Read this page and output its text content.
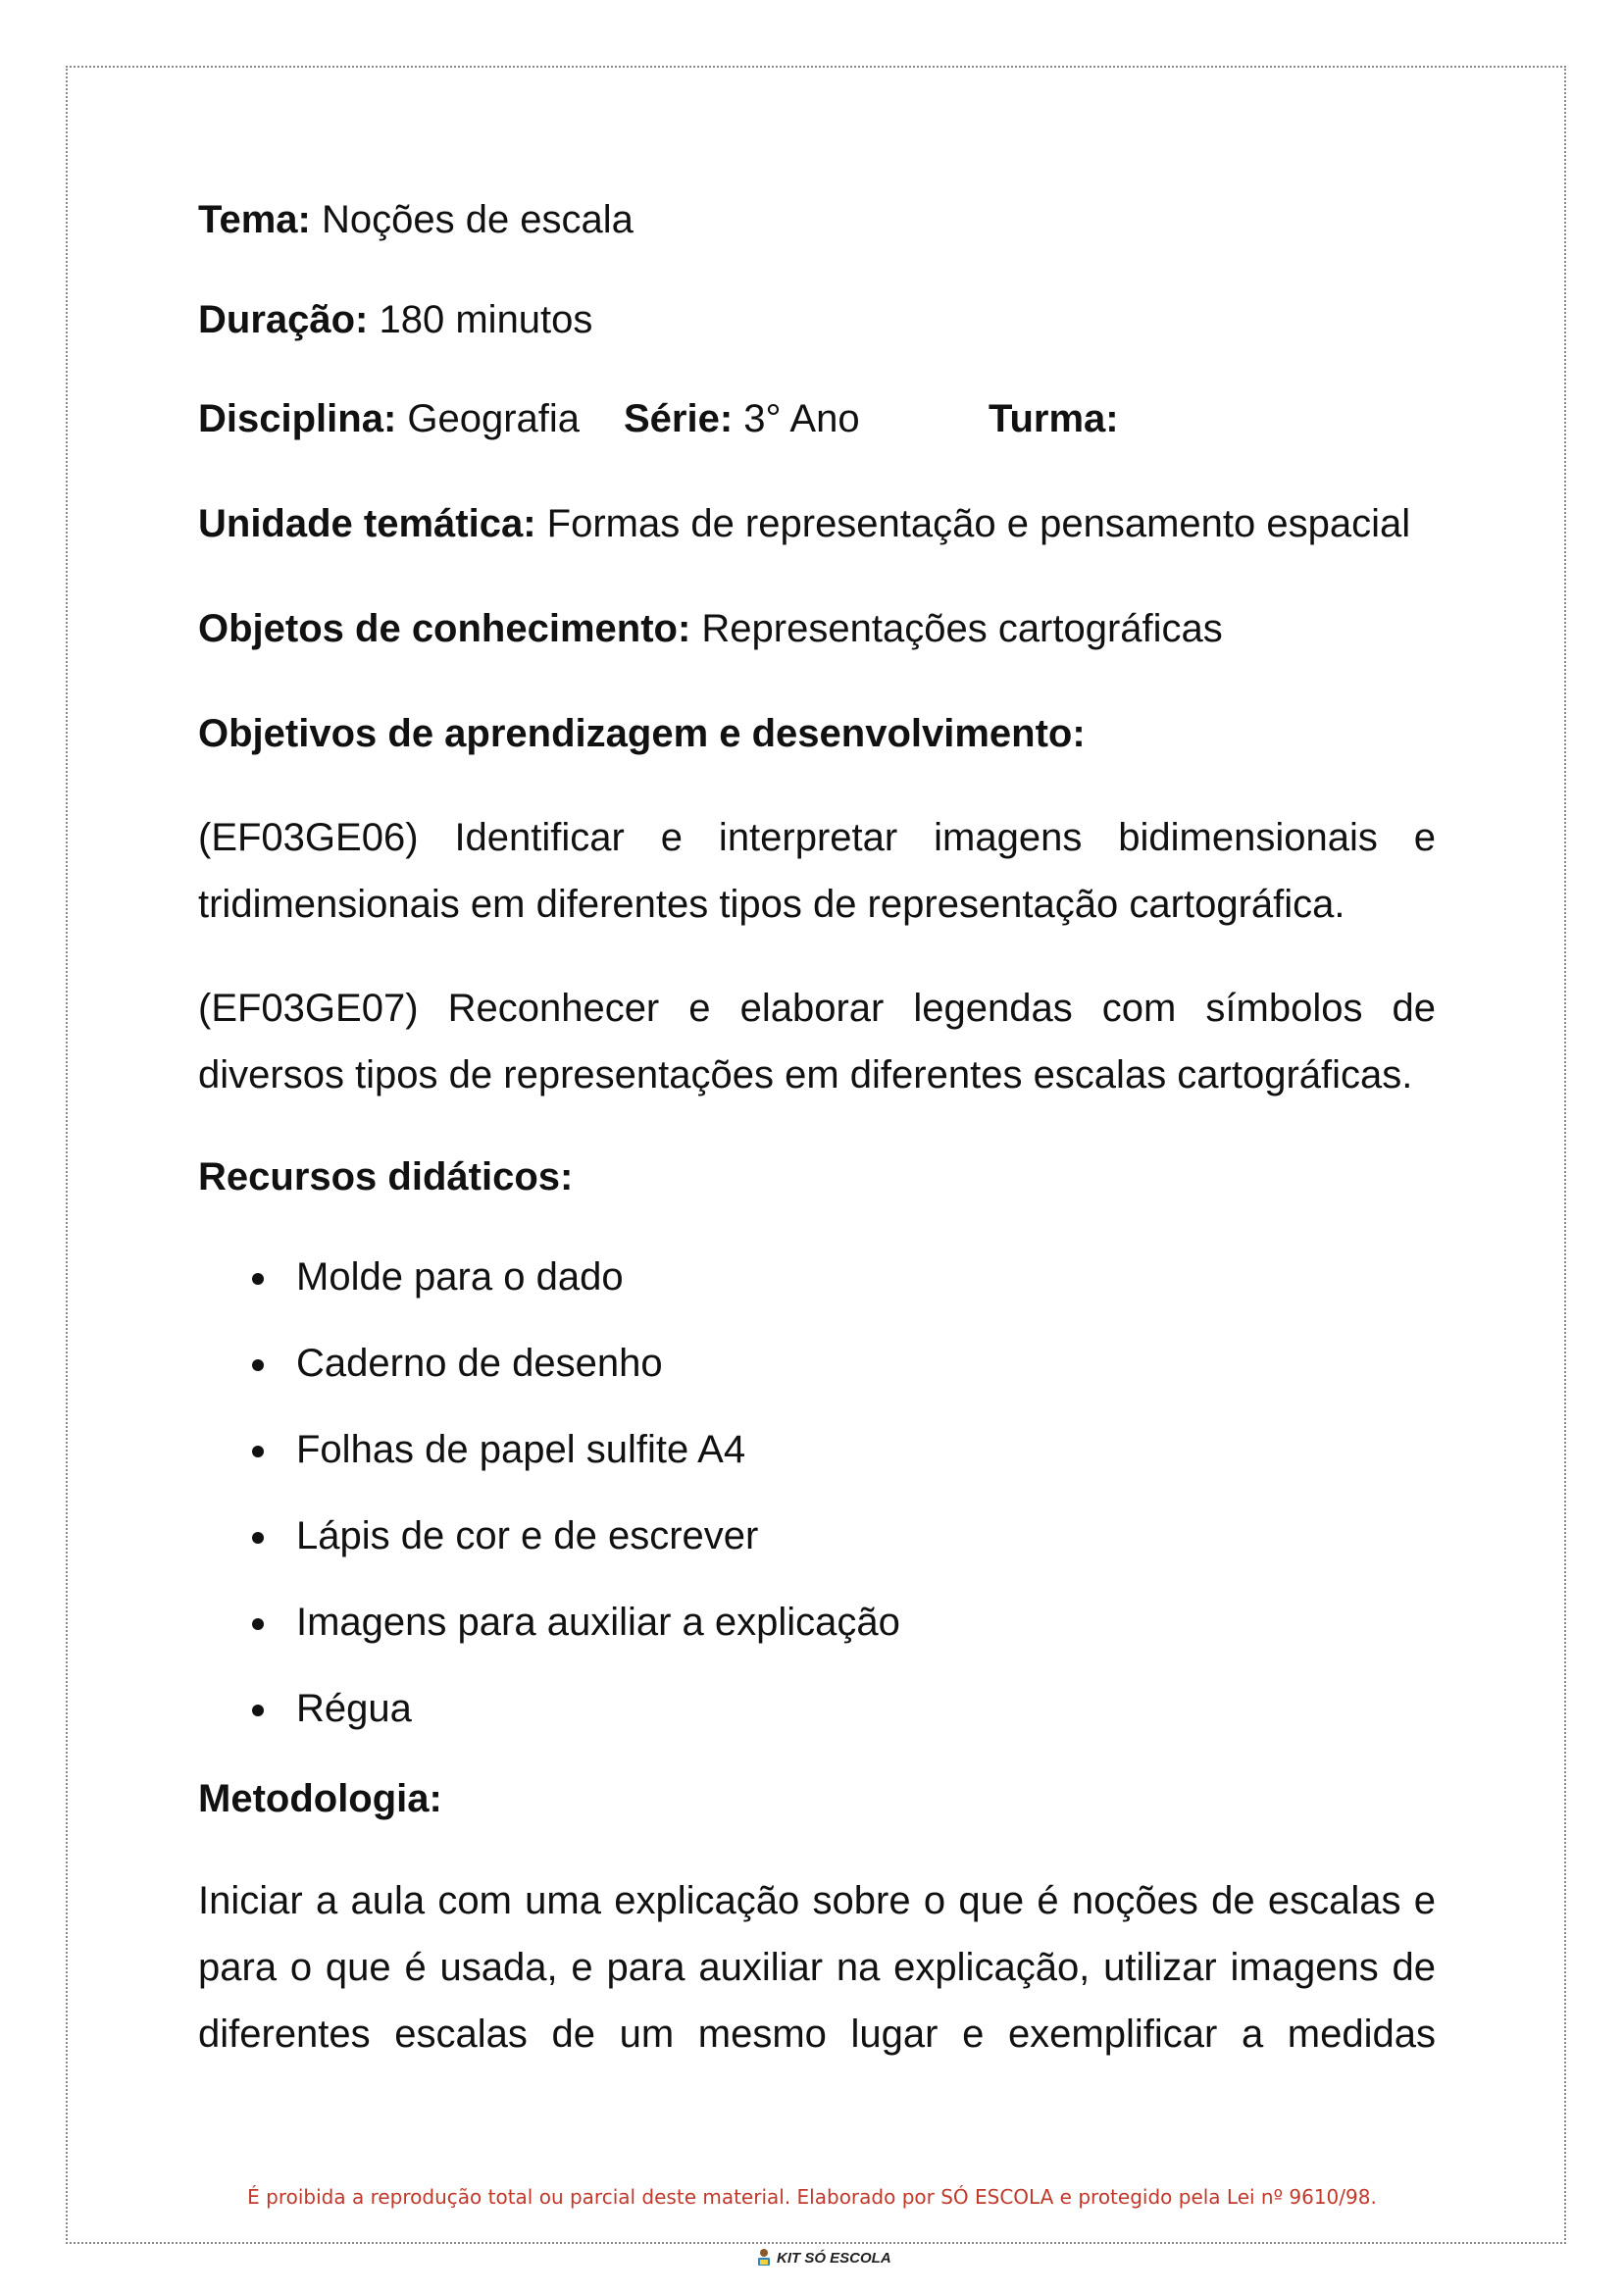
Tema: Noções de escala
Duração: 180 minutos
Disciplina: Geografia Série: 3° Ano	Turma:
Unidade temática: Formas de representação e pensamento espacial
Objetos de conhecimento: Representações cartográficas
Objetivos de aprendizagem e desenvolvimento:
(EF03GE06) Identificar e interpretar imagens bidimensionais e tridimensionais em diferentes tipos de representação cartográfica.
(EF03GE07) Reconhecer e elaborar legendas com símbolos de diversos tipos de representações em diferentes escalas cartográficas.
Recursos didáticos:
Molde para o dado
Caderno de desenho
Folhas de papel sulfite A4
Lápis de cor e de escrever
Imagens para auxiliar a explicação
Régua
Metodologia:
Iniciar a aula com uma explicação sobre o que é noções de escalas e para o que é usada, e para auxiliar na explicação, utilizar imagens de diferentes escalas de um mesmo lugar e exemplificar a medidas
É proibida a reprodução total ou parcial deste material. Elaborado por SÓ ESCOLA e protegido pela Lei nº 9610/98.
KIT SÓ ESCOLA
